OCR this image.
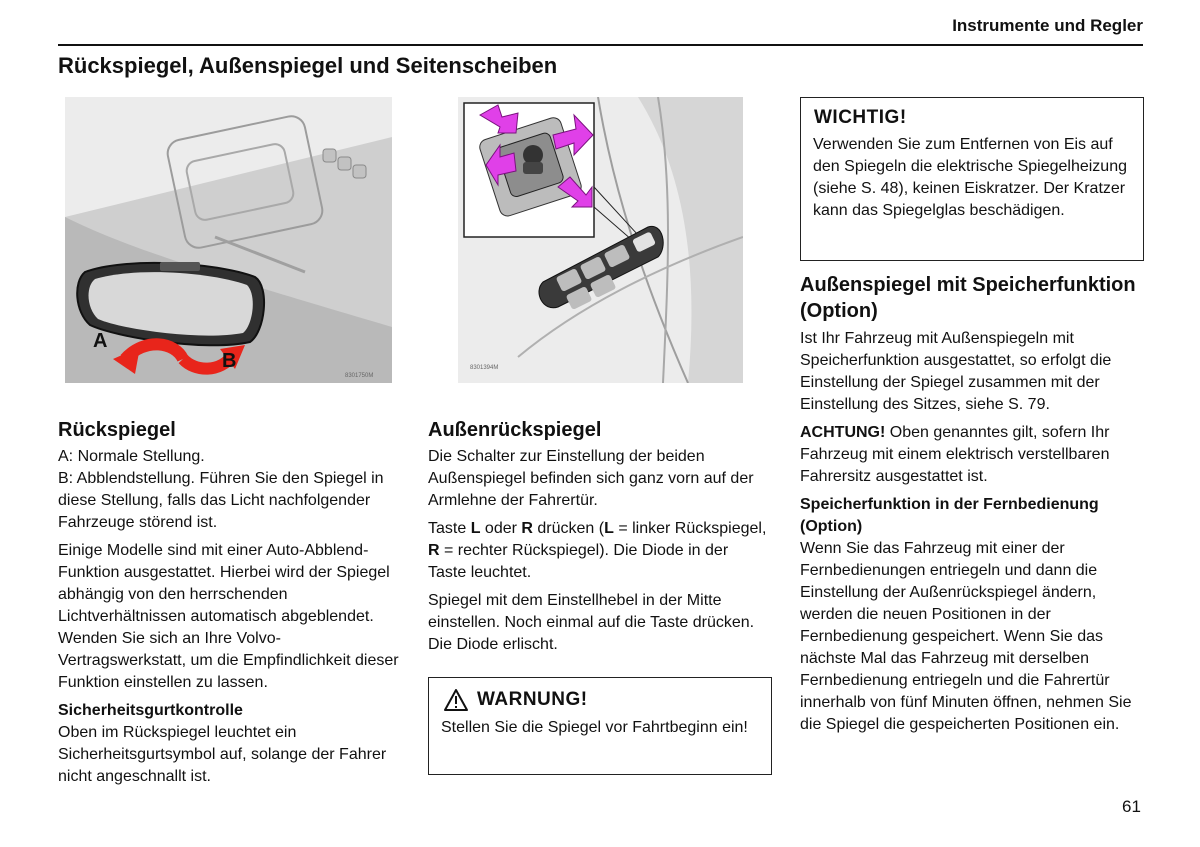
Instrumente und Regler
Rückspiegel, Außenspiegel und Seitenscheiben
8301750M
A
B	8301394M
WICHTIG!
Verwenden Sie zum Entfernen von Eis auf den Spiegeln die elektrische Spiegelheizung (siehe S. 48), keinen Eiskratzer. Der Kratzer kann das Spiegelglas beschädigen.
Rückspiegel

A: Normale Stellung.

B: Abblendstellung. Führen Sie den Spiegel in diese Stellung, falls das Licht nachfolgender Fahrzeuge störend ist.

Einige Modelle sind mit einer Auto-Abblend-Funktion ausgestattet. Hierbei wird der Spiegel abhängig von den herrschenden Lichtverhältnissen automatisch abgeblendet. Wenden Sie sich an Ihre Volvo-Vertragswerkstatt, um die Empfindlichkeit dieser Funktion einstellen zu lassen.

Sicherheitsgurtkontrolle

Oben im Rückspiegel leuchtet ein Sicherheitsgurtsymbol auf, solange der Fahrer nicht angeschnallt ist.

Außenrückspiegel

Die Schalter zur Einstellung der beiden Außenspiegel befinden sich ganz vorn auf der Armlehne der Fahrertür.

Taste L oder R drücken (L = linker Rückspiegel, R = rechter Rückspiegel). Die Diode in der Taste leuchtet.

Spiegel mit dem Einstellhebel in der Mitte einstellen. Noch einmal auf die Taste drücken. Die Diode erlischt.

WARNUNG!
Stellen Sie die Spiegel vor Fahrtbeginn ein!
Außenspiegel mit Speicherfunktion (Option)

Ist Ihr Fahrzeug mit Außenspiegeln mit Speicherfunktion ausgestattet, so erfolgt die Einstellung der Spiegel zusammen mit der Einstellung des Sitzes, siehe S. 79.

ACHTUNG! Oben genanntes gilt, sofern Ihr Fahrzeug mit einem elektrisch verstellbaren Fahrersitz ausgestattet ist.

Speicherfunktion in der Fernbedienung (Option)

Wenn Sie das Fahrzeug mit einer der Fernbedienungen entriegeln und dann die Einstellung der Außenrückspiegel ändern, werden die neuen Positionen in der Fernbedienung gespeichert. Wenn Sie das nächste Mal das Fahrzeug mit derselben Fernbedienung entriegeln und die Fahrertür innerhalb von fünf Minuten öffnen, nehmen Sie die Spiegel die gespeicherten Positionen ein.

61
